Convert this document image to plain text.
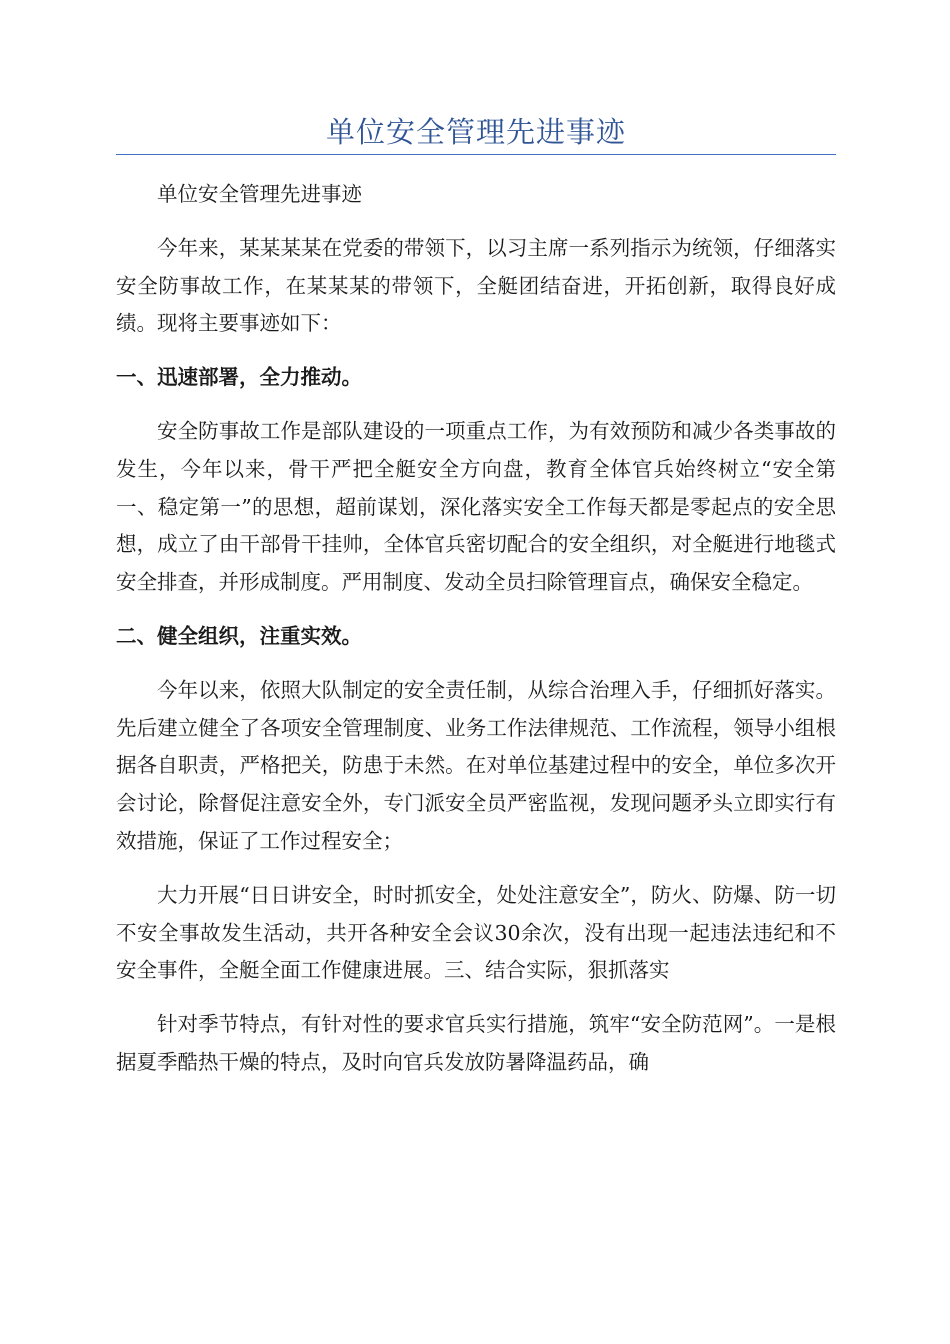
单位安全管理先进事迹

单位安全管理先进事迹

今年来，某某某某在党委的带领下，以习主席一系列指示为统领，仔细落实安全防事故工作，在某某某的带领下，全艇团结奋进，开拓创新，取得良好成绩。现将主要事迹如下：

一、迅速部署，全力推动。

安全防事故工作是部队建设的一项重点工作，为有效预防和减少各类事故的发生，今年以来，骨干严把全艇安全方向盘，教育全体官兵始终树立“安全第一、稳定第一”的思想，超前谋划，深化落实安全工作每天都是零起点的安全思想，成立了由干部骨干挂帅，全体官兵密切配合的安全组织，对全艇进行地毯式安全排查，并形成制度。严用制度、发动全员扫除管理盲点，确保安全稳定。

二、健全组织，注重实效。

今年以来，依照大队制定的安全责任制，从综合治理入手，仔细抓好落实。先后建立健全了各项安全管理制度、业务工作法律规范、工作流程，领导小组根据各自职责，严格把关，防患于未然。在对单位基建过程中的安全，单位多次开会讨论，除督促注意安全外，专门派安全员严密监视，发现问题矛头立即实行有效措施，保证了工作过程安全；

大力开展“日日讲安全，时时抓安全，处处注意安全”，防火、防爆、防一切不安全事故发生活动，共开各种安全会议30余次，没有出现一起违法违纪和不安全事件，全艇全面工作健康进展。三、结合实际，狠抓落实

针对季节特点，有针对性的要求官兵实行措施，筑牢“安全防范网”。一是根据夏季酷热干燥的特点，及时向官兵发放防暑降温药品，确
